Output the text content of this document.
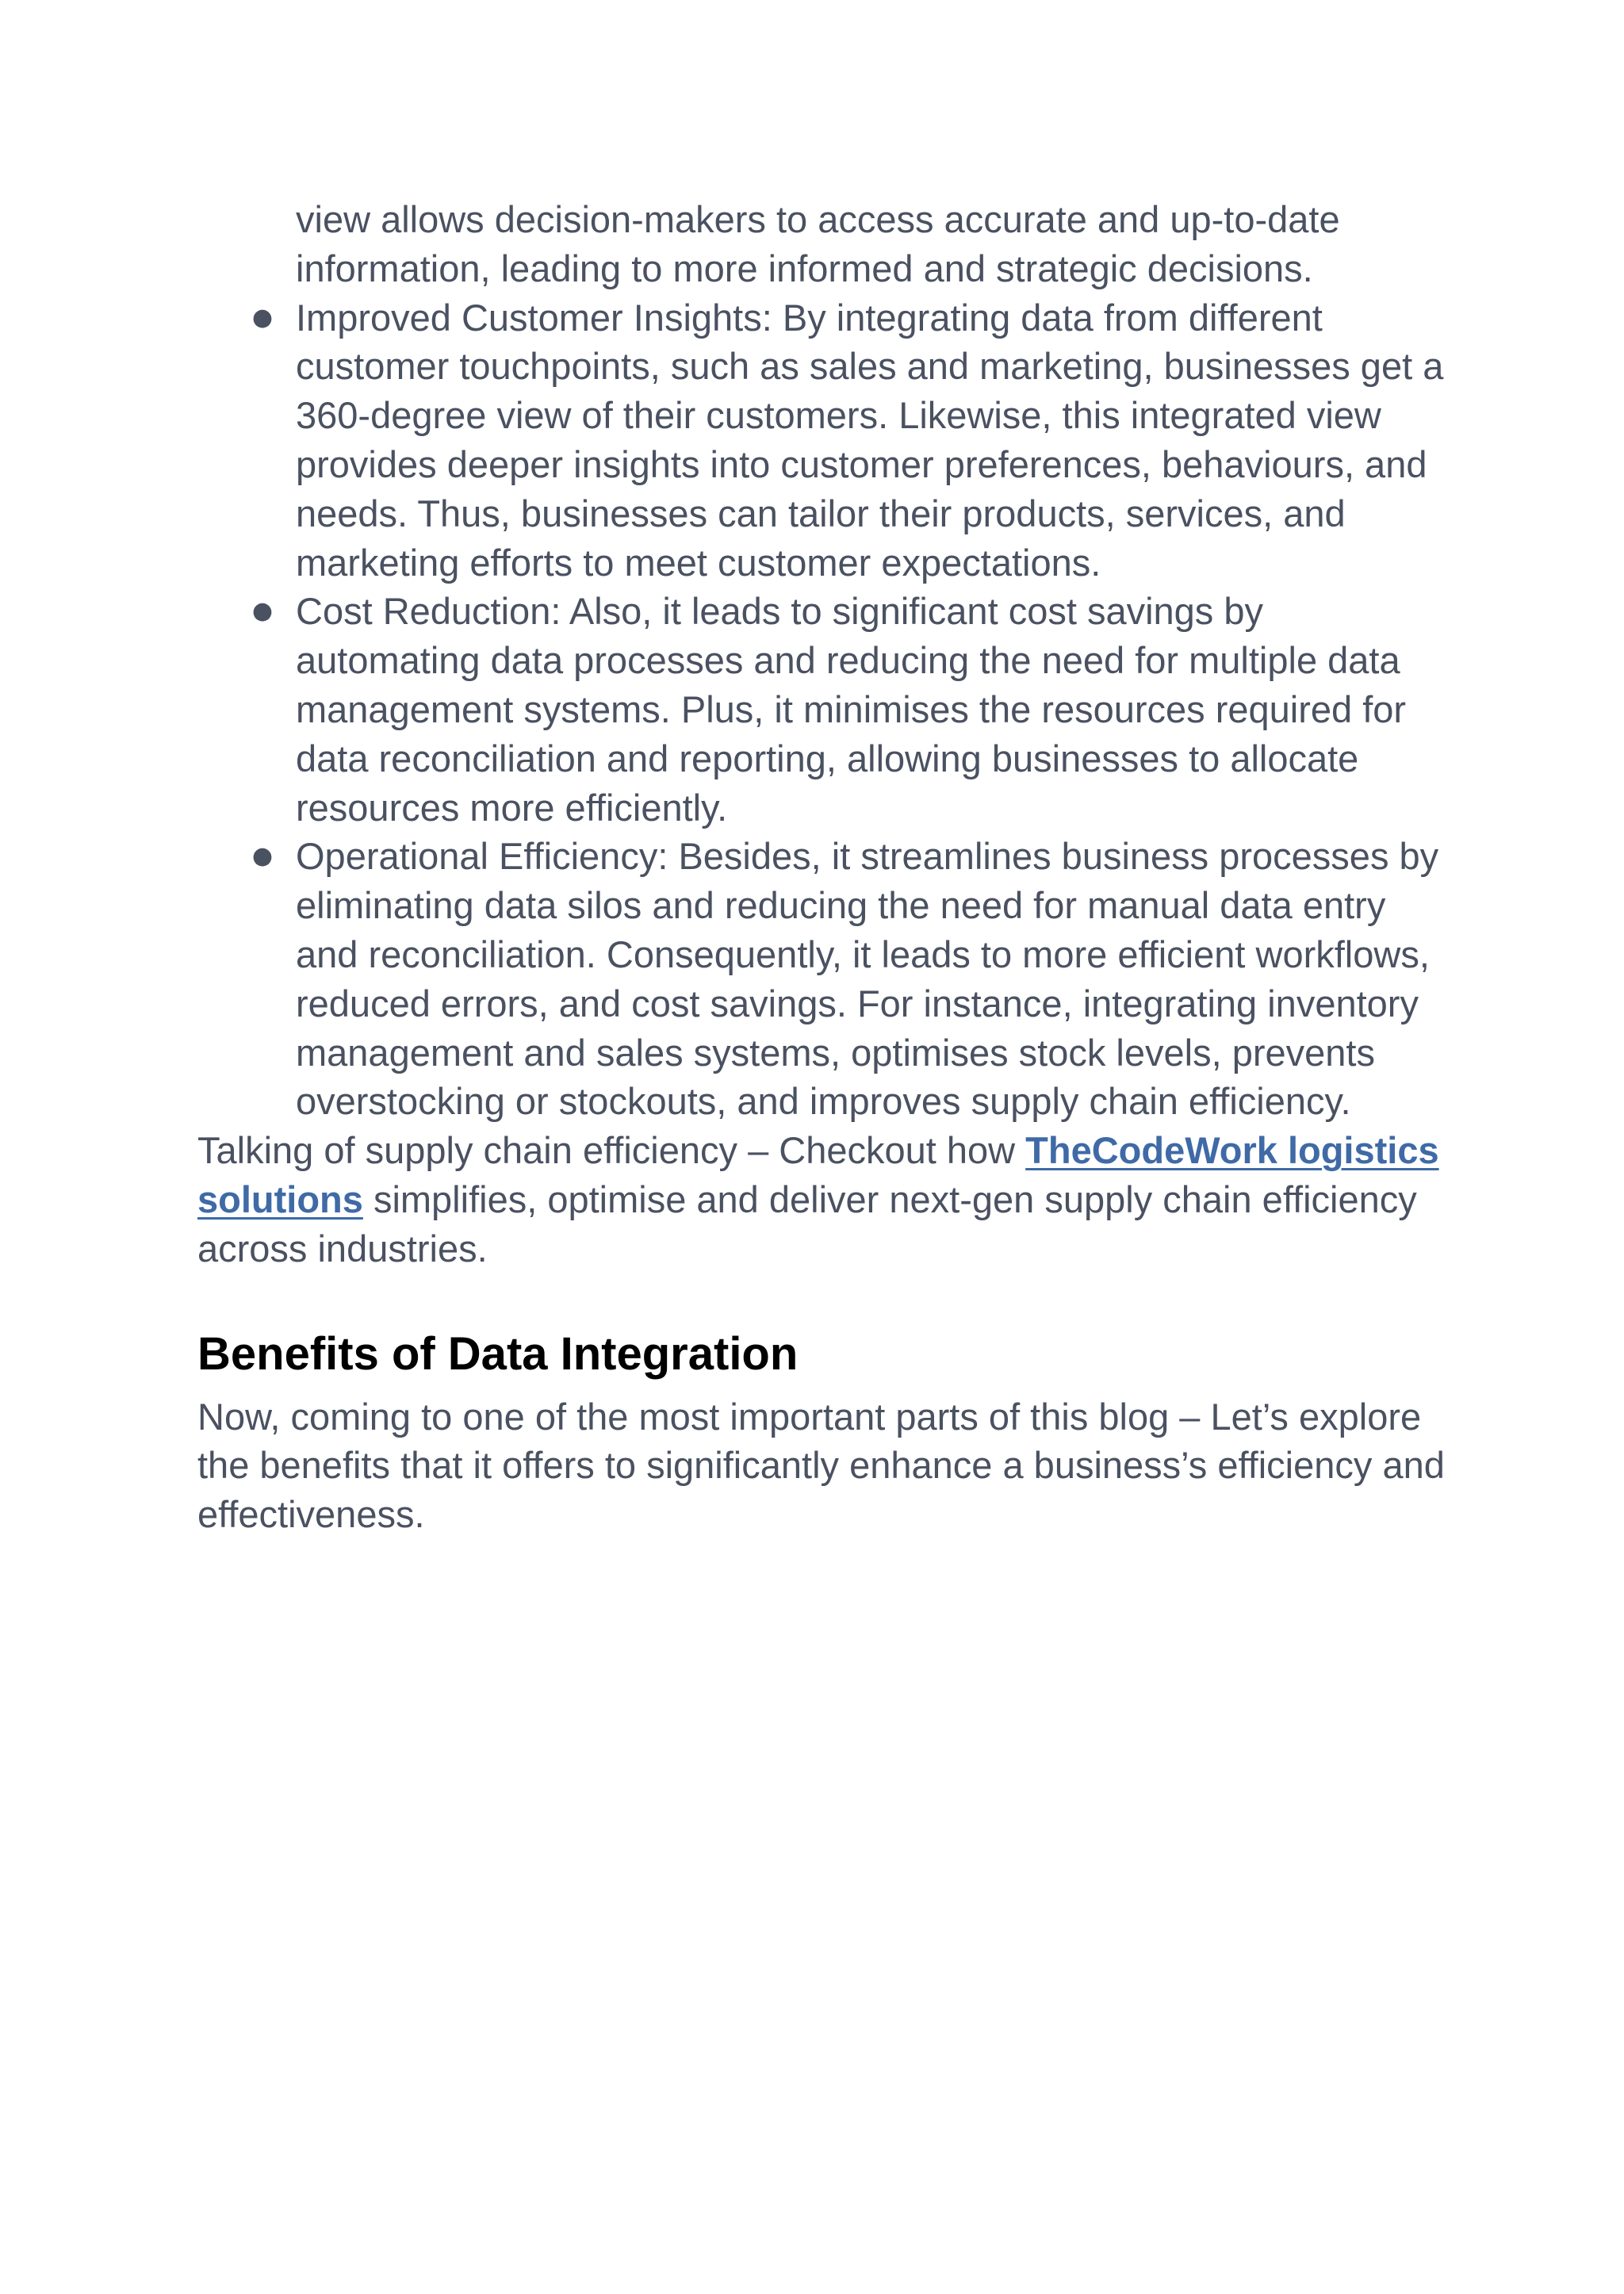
view allows decision-makers to access accurate and up-to-date information, leading to more informed and strategic decisions.
● Improved Customer Insights: By integrating data from different customer touchpoints, such as sales and marketing, businesses get a 360-degree view of their customers. Likewise, this integrated view provides deeper insights into customer preferences, behaviours, and needs. Thus, businesses can tailor their products, services, and marketing efforts to meet customer expectations.
● Cost Reduction: Also, it leads to significant cost savings by automating data processes and reducing the need for multiple data management systems. Plus, it minimises the resources required for data reconciliation and reporting, allowing businesses to allocate resources more efficiently.
● Operational Efficiency: Besides, it streamlines business processes by eliminating data silos and reducing the need for manual data entry and reconciliation. Consequently, it leads to more efficient workflows, reduced errors, and cost savings. For instance, integrating inventory management and sales systems, optimises stock levels, prevents overstocking or stockouts, and improves supply chain efficiency.

Talking of supply chain efficiency – Checkout how TheCodeWork logistics solutions simplifies, optimise and deliver next-gen supply chain efficiency across industries.

Benefits of Data Integration

Now, coming to one of the most important parts of this blog – Let’s explore the benefits that it offers to significantly enhance a business’s efficiency and effectiveness.
